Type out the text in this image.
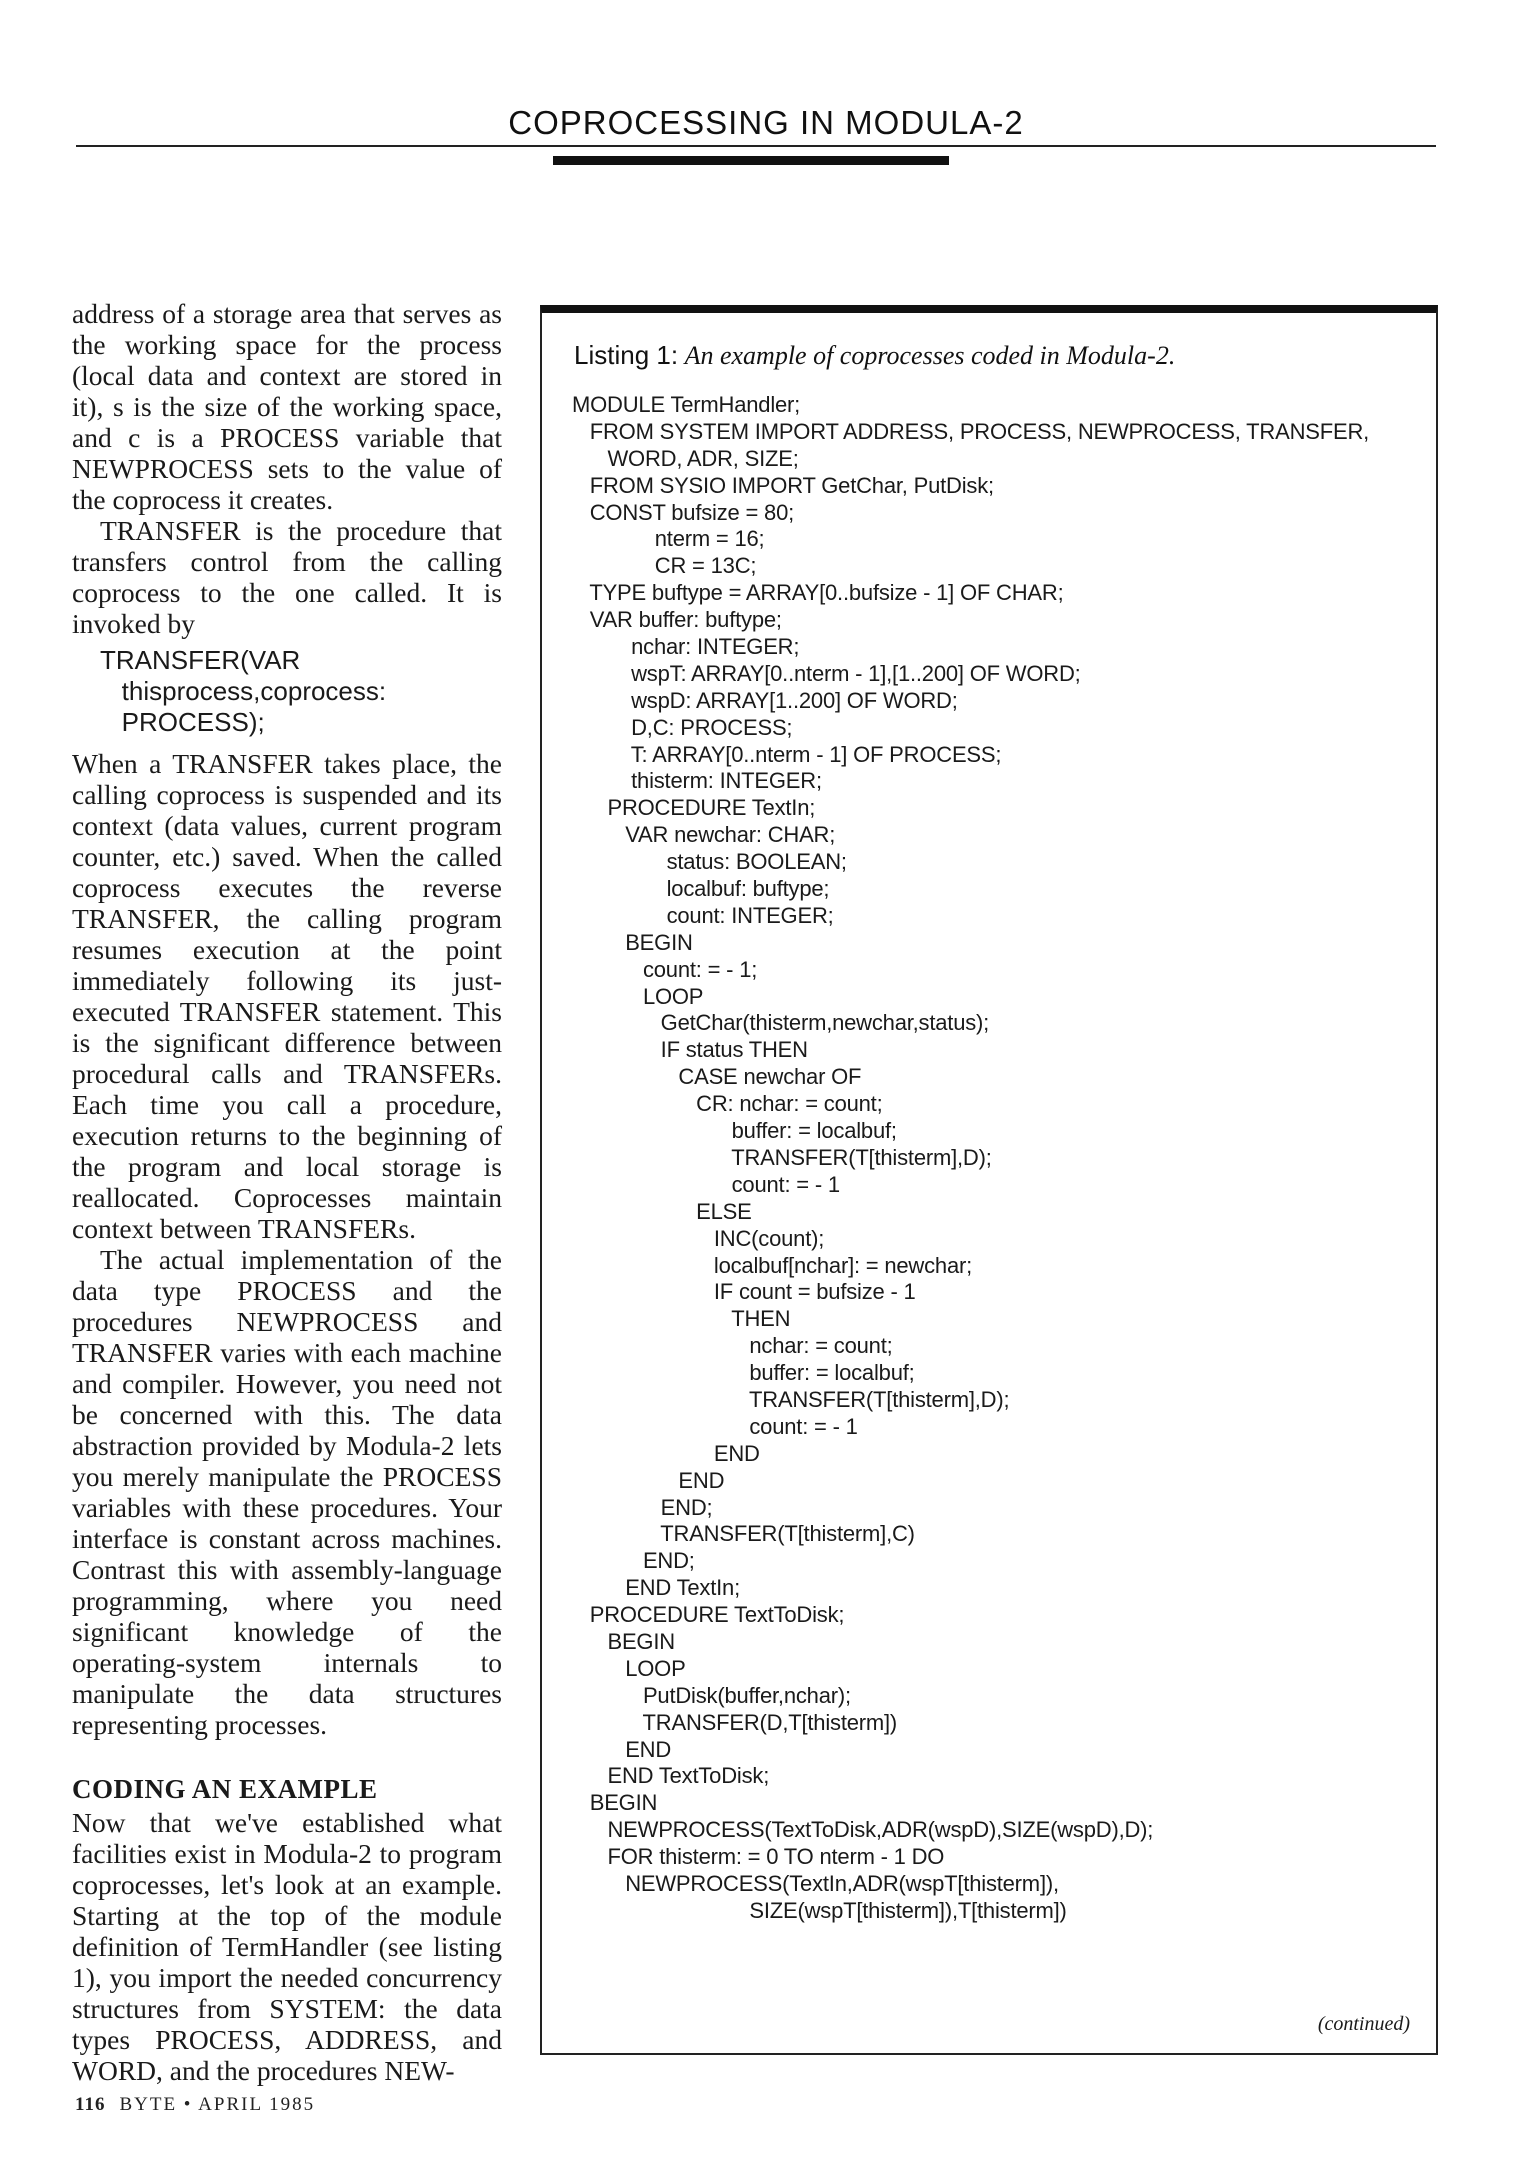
COPROCESSING IN MODULA-2

address of a storage area that serves as the working space for the process (local data and context are stored in it), s is the size of the working space, and c is a PROCESS variable that NEWPROCESS sets to the value of the coprocess it creates.

TRANSFER is the procedure that transfers control from the calling coprocess to the one called. It is invoked by

TRANSFER(VAR
thisprocess,coprocess:
PROCESS);

When a TRANSFER takes place, the calling coprocess is suspended and its context (data values, current program counter, etc.) saved. When the called coprocess executes the reverse TRANSFER, the calling program resumes execution at the point immediately following its just-executed TRANSFER statement. This is the significant difference between procedural calls and TRANSFERs. Each time you call a procedure, execution returns to the beginning of the program and local storage is reallocated. Coprocesses maintain context between TRANSFERs.

The actual implementation of the data type PROCESS and the procedures NEWPROCESS and TRANSFER varies with each machine and compiler. However, you need not be concerned with this. The data abstraction provided by Modula-2 lets you merely manipulate the PROCESS variables with these procedures. Your interface is constant across machines. Contrast this with assembly-language programming, where you need significant knowledge of the operating-system internals to manipulate the data structures representing processes.

CODING AN EXAMPLE

Now that we've established what facilities exist in Modula-2 to program coprocesses, let's look at an example. Starting at the top of the module definition of TermHandler (see listing 1), you import the needed concurrency structures from SYSTEM: the data types PROCESS, ADDRESS, and WORD, and the procedures NEW-

Listing 1: An example of coprocesses coded in Modula-2.
MODULE TermHandler;
FROM SYSTEM IMPORT ADDRESS, PROCESS, NEWPROCESS, TRANSFER,
WORD, ADR, SIZE;
FROM SYSIO IMPORT GetChar, PutDisk;
CONST bufsize = 80;
nterm = 16;
CR = 13C;
TYPE buftype = ARRAY[0..bufsize - 1] OF CHAR;
VAR buffer: buftype;
nchar: INTEGER;
wspT: ARRAY[0..nterm - 1],[1..200] OF WORD;
wspD: ARRAY[1..200] OF WORD;
D,C: PROCESS;
T: ARRAY[0..nterm - 1] OF PROCESS;
thisterm: INTEGER;
PROCEDURE TextIn;
VAR newchar: CHAR;
status: BOOLEAN;
localbuf: buftype;
count: INTEGER;
BEGIN
count: = - 1;
LOOP
GetChar(thisterm,newchar,status);
IF status THEN
CASE newchar OF
CR: nchar: = count;
buffer: = localbuf;
TRANSFER(T[thisterm],D);
count: = - 1
ELSE
INC(count);
localbuf[nchar]: = newchar;
IF count = bufsize - 1
THEN
nchar: = count;
buffer: = localbuf;
TRANSFER(T[thisterm],D);
count: = - 1
END
END
END;
TRANSFER(T[thisterm],C)
END;
END TextIn;
PROCEDURE TextToDisk;
BEGIN
LOOP
PutDisk(buffer,nchar);
TRANSFER(D,T[thisterm])
END
END TextToDisk;
BEGIN
NEWPROCESS(TextToDisk,ADR(wspD),SIZE(wspD),D);
FOR thisterm: = 0 TO nterm - 1 DO
NEWPROCESS(TextIn,ADR(wspT[thisterm]),
SIZE(wspT[thisterm]),T[thisterm])
(continued)
116 BYTE • APRIL 1985
